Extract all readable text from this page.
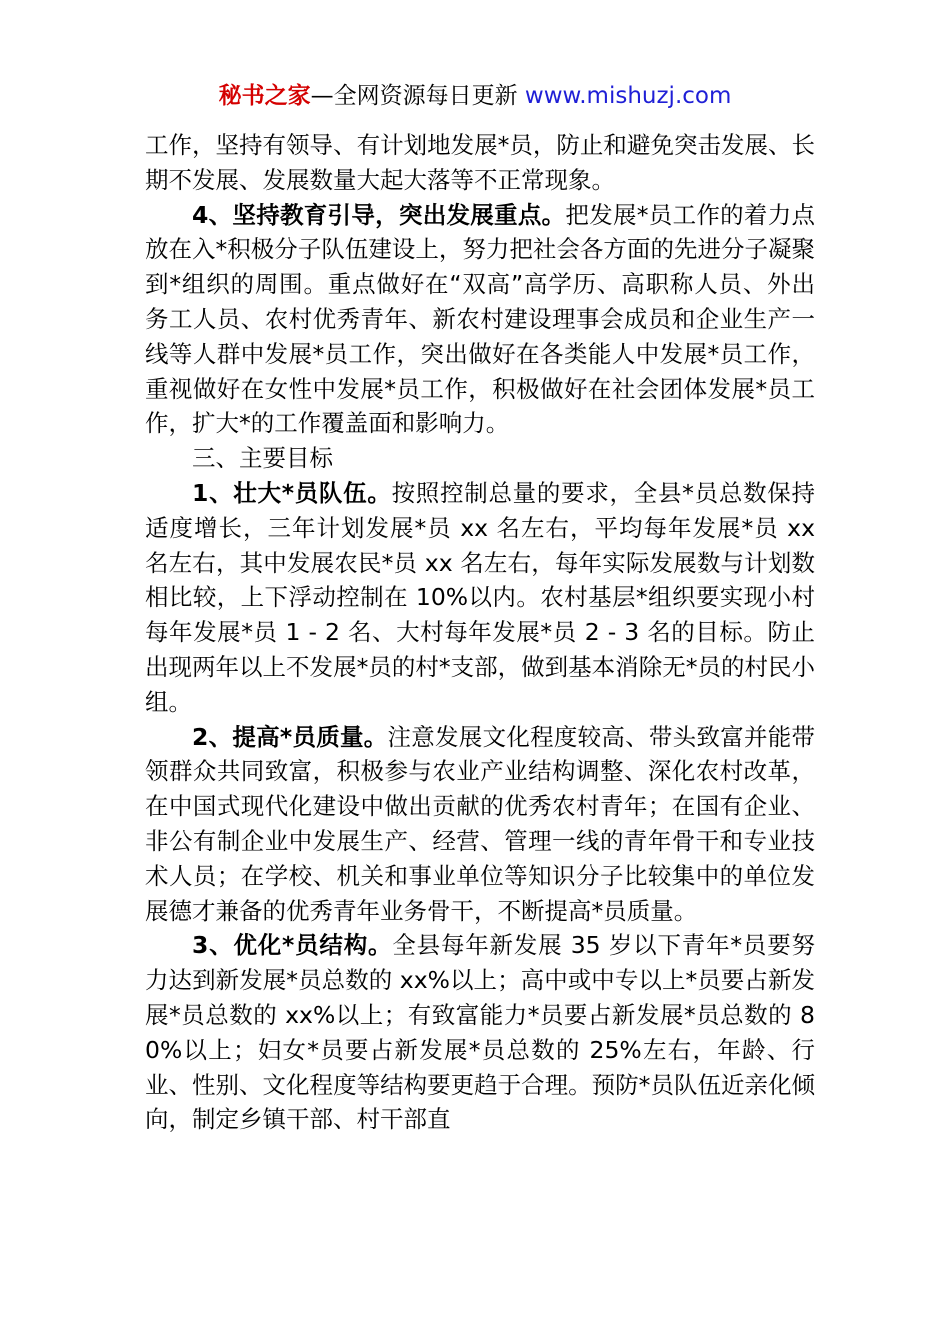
秘书之家—全网资源每日更新 www.mishuzj.com

工作，坚持有领导、有计划地发展*员，防止和避免突击发展、长期不发展、发展数量大起大落等不正常现象。

4、坚持教育引导，突出发展重点。把发展*员工作的着力点放在入*积极分子队伍建设上，努力把社会各方面的先进分子凝聚到*组织的周围。重点做好在“双高”高学历、高职称人员、外出务工人员、农村优秀青年、新农村建设理事会成员和企业生产一线等人群中发展*员工作，突出做好在各类能人中发展*员工作，重视做好在女性中发展*员工作，积极做好在社会团体发展*员工作，扩大*的工作覆盖面和影响力。

三、主要目标

1、壮大*员队伍。按照控制总量的要求，全县*员总数保持适度增长，三年计划发展*员 xx 名左右，平均每年发展*员 xx 名左右，其中发展农民*员 xx 名左右，每年实际发展数与计划数相比较，上下浮动控制在 10%以内。农村基层*组织要实现小村每年发展*员 1 - 2 名、大村每年发展*员 2 - 3 名的目标。防止出现两年以上不发展*员的村*支部，做到基本消除无*员的村民小组。

2、提高*员质量。注意发展文化程度较高、带头致富并能带领群众共同致富，积极参与农业产业结构调整、深化农村改革，在中国式现代化建设中做出贡献的优秀农村青年；在国有企业、非公有制企业中发展生产、经营、管理一线的青年骨干和专业技术人员；在学校、机关和事业单位等知识分子比较集中的单位发展德才兼备的优秀青年业务骨干，不断提高*员质量。

3、优化*员结构。全县每年新发展 35 岁以下青年*员要努力达到新发展*员总数的 xx%以上；高中或中专以上*员要占新发展*员总数的 xx%以上；有致富能力*员要占新发展*员总数的 80%以上；妇女*员要占新发展*员总数的 25%左右，年龄、行业、性别、文化程度等结构要更趋于合理。预防*员队伍近亲化倾向，制定乡镇干部、村干部直
